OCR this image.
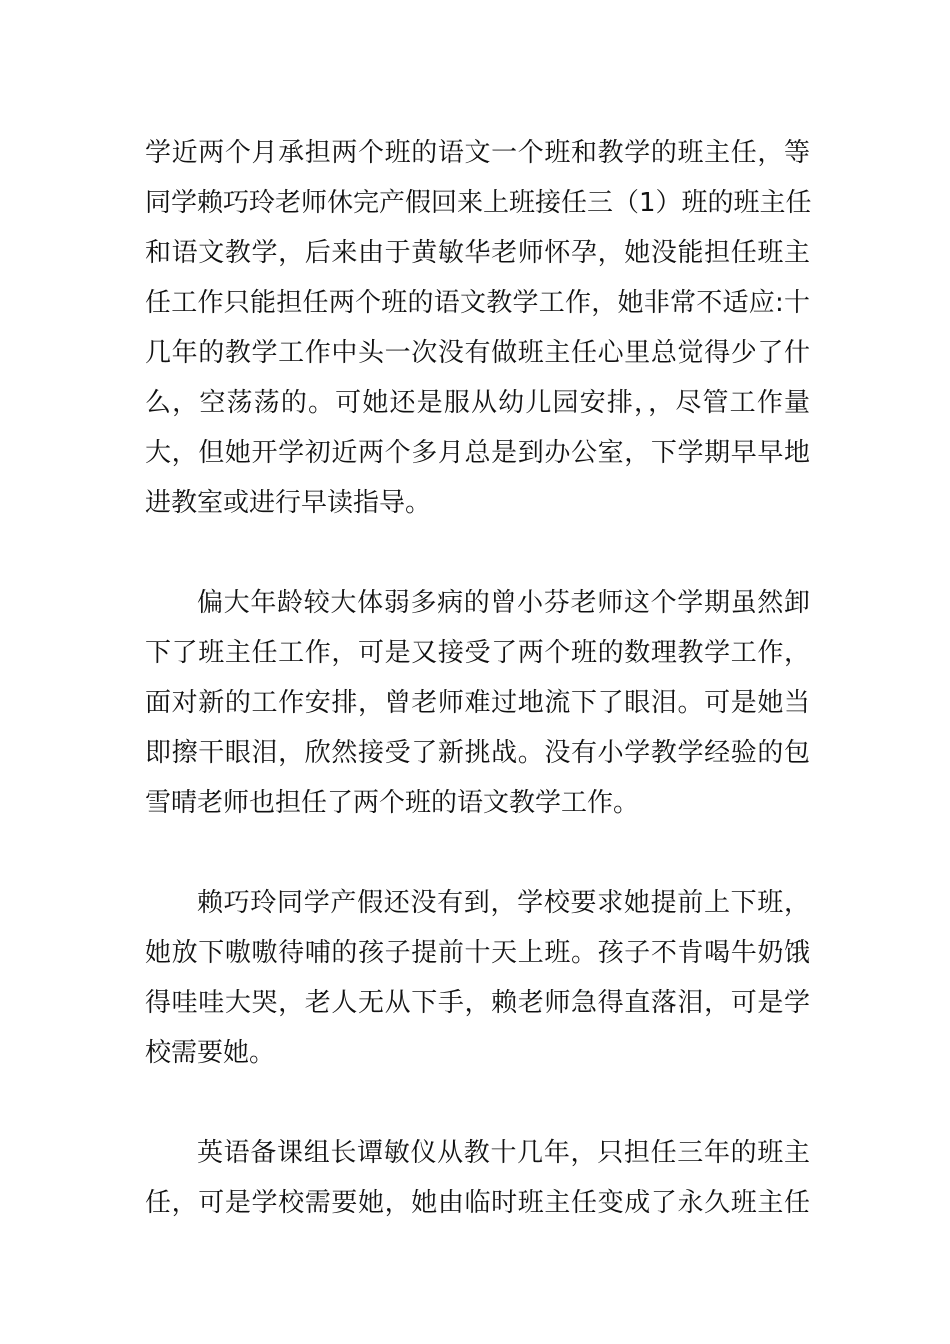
学近两个月承担两个班的语文一个班和教学的班主任，等
同学赖巧玲老师休完产假回来上班接任三（1）班的班主任
和语文教学，后来由于黄敏华老师怀孕，她没能担任班主
任工作只能担任两个班的语文教学工作，她非常不适应:十
几年的教学工作中头一次没有做班主任心里总觉得少了什
么，空荡荡的。可她还是服从幼儿园安排，，尽管工作量
大，但她开学初近两个多月总是到办公室，下学期早早地
进教室或进行早读指导。
偏大年龄较大体弱多病的曾小芬老师这个学期虽然卸
下了班主任工作，可是又接受了两个班的数理教学工作，
面对新的工作安排，曾老师难过地流下了眼泪。可是她当
即擦干眼泪，欣然接受了新挑战。没有小学教学经验的包
雪晴老师也担任了两个班的语文教学工作。
赖巧玲同学产假还没有到，学校要求她提前上下班，
她放下嗷嗷待哺的孩子提前十天上班。孩子不肯喝牛奶饿
得哇哇大哭，老人无从下手，赖老师急得直落泪，可是学
校需要她。
英语备课组长谭敏仪从教十几年，只担任三年的班主
任，可是学校需要她，她由临时班主任变成了永久班主任
